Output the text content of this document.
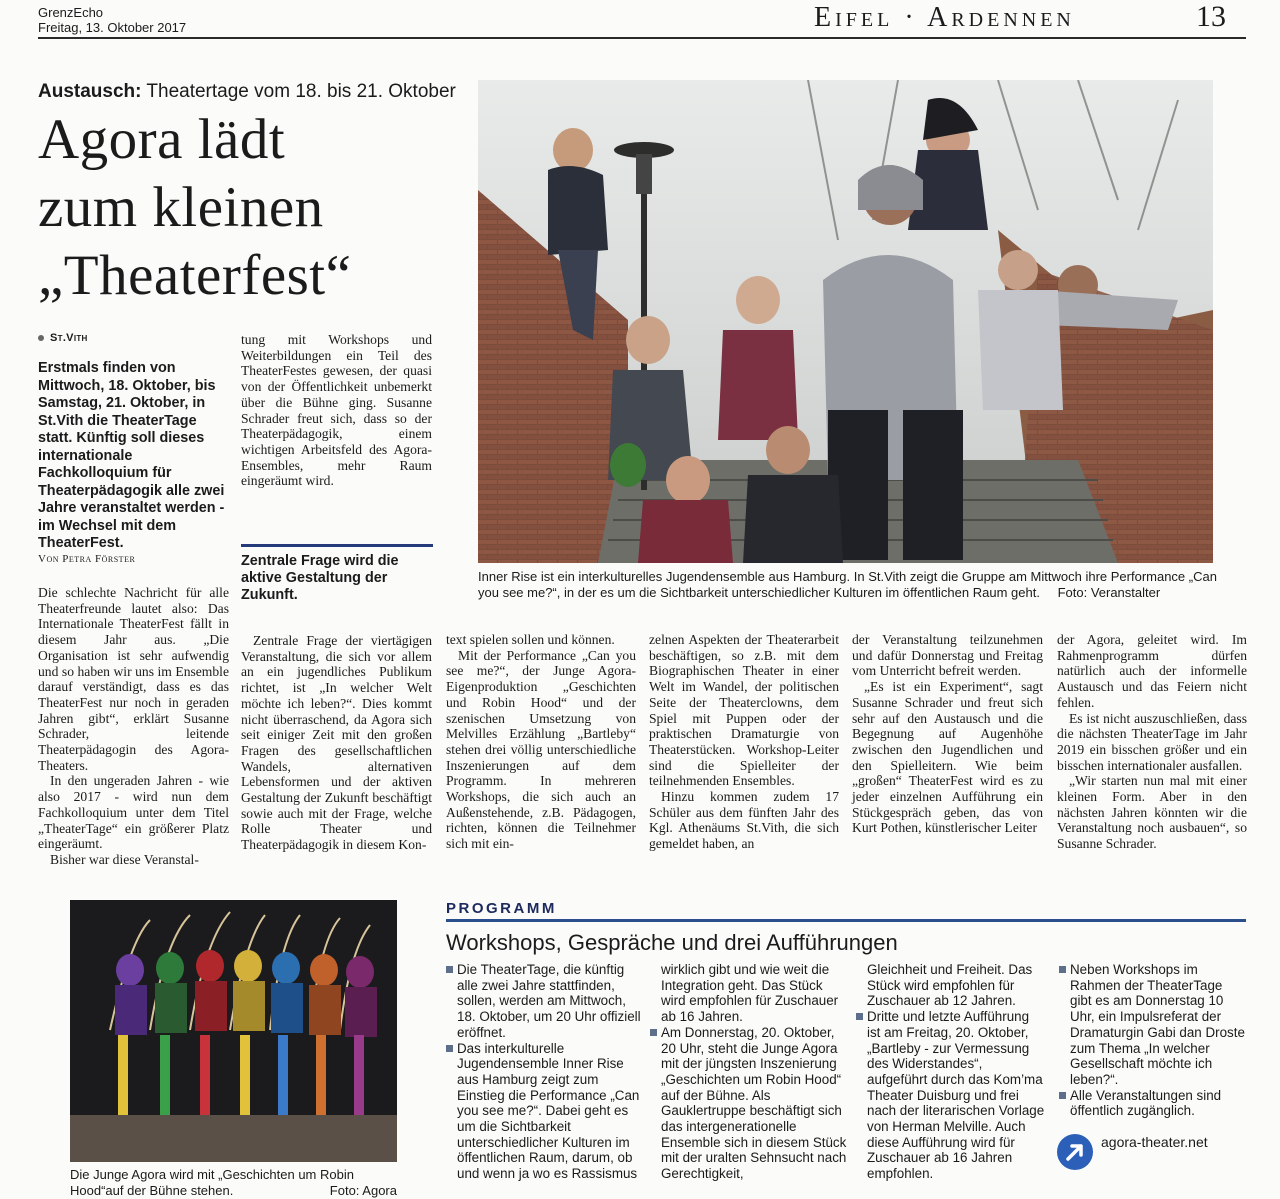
GrenzEcho
Freitag, 13. Oktober 2017	Eifel · Ardennen	13
Austausch: Theatertage vom 18. bis 21. Oktober
Agora lädt
zum kleinen
„Theaterfest“
Inner Rise ist ein interkulturelles Jugendensemble aus Hamburg. In St.Vith zeigt die Gruppe am Mittwoch ihre Performance „Can you see me?“, in der es um die Sichtbarkeit unterschiedlicher Kulturen im öffentlichen Raum geht. Foto: Veranstalter
St.Vith
Erstmals finden von Mittwoch, 18. Oktober, bis Samstag, 21. Oktober, in St.Vith die TheaterTage statt. Künftig soll dieses internationale Fachkolloquium für Theaterpädagogik alle zwei Jahre veranstaltet werden - im Wechsel mit dem TheaterFest.
Von Petra Förster

Die schlechte Nachricht für alle Theaterfreunde lautet also: Das Internationale TheaterFest fällt in diesem Jahr aus. „Die Organisation ist sehr aufwendig und so haben wir uns im Ensemble darauf verständigt, dass es das TheaterFest nur noch in geraden Jahren gibt“, erklärt Susanne Schrader, leitende Theaterpädagogin des Agora-Theaters.

In den ungeraden Jahren - wie also 2017 - wird nun dem Fachkolloquium unter dem Titel „TheaterTage“ ein größerer Platz eingeräumt.

Bisher war diese Veranstal-

tung mit Workshops und Weiterbildungen ein Teil des TheaterFestes gewesen, der quasi von der Öffentlichkeit unbemerkt über die Bühne ging. Susanne Schrader freut sich, dass so der Theaterpädagogik, einem wichtigen Arbeitsfeld des Agora-Ensembles, mehr Raum eingeräumt wird.

Zentrale Frage wird die aktive Gestaltung der Zukunft.

Zentrale Frage der viertägigen Veranstaltung, die sich vor allem an ein jugendliches Publikum richtet, ist „In welcher Welt möchte ich leben?“. Dies kommt nicht überraschend, da Agora sich seit einiger Zeit mit den großen Fragen des gesellschaftlichen Wandels, alternativen Lebensformen und der aktiven Gestaltung der Zukunft beschäftigt sowie auch mit der Frage, welche Rolle Theater und Theaterpädagogik in diesem Kon-

text spielen sollen und können.

Mit der Performance „Can you see me?“, der Junge Agora-Eigenproduktion „Geschichten und Robin Hood“ und der szenischen Umsetzung von Melvilles Erzählung „Bartleby“ stehen drei völlig unterschiedliche Inszenierungen auf dem Programm. In mehreren Workshops, die sich auch an Außenstehende, z.B. Pädagogen, richten, können die Teilnehmer sich mit ein-

zelnen Aspekten der Theaterarbeit beschäftigen, so z.B. mit dem Biographischen Theater in einer Welt im Wandel, der politischen Seite der Theaterclowns, dem Spiel mit Puppen oder der praktischen Dramaturgie von Theaterstücken. Workshop-Leiter sind die Spielleiter der teilnehmenden Ensembles.

Hinzu kommen zudem 17 Schüler aus dem fünften Jahr des Kgl. Athenäums St.Vith, die sich gemeldet haben, an

der Veranstaltung teilzunehmen und dafür Donnerstag und Freitag vom Unterricht befreit werden.

„Es ist ein Experiment“, sagt Susanne Schrader und freut sich sehr auf den Austausch und die Begegnung auf Augenhöhe zwischen den Jugendlichen und den Spielleitern. Wie beim „großen“ TheaterFest wird es zu jeder einzelnen Aufführung ein Stückgespräch geben, das von Kurt Pothen, künstlerischer Leiter

der Agora, geleitet wird. Im Rahmenprogramm dürfen natürlich auch der informelle Austausch und das Feiern nicht fehlen.

Es ist nicht auszuschließen, dass die nächsten TheaterTage im Jahr 2019 ein bisschen größer und ein bisschen internationaler ausfallen.

„Wir starten nun mal mit einer kleinen Form. Aber in den nächsten Jahren könnten wir die Veranstaltung noch ausbauen“, so Susanne Schrader.

Die Junge Agora wird mit „Geschichten um Robin Hood“auf der Bühne stehen.	Foto: Agora
PROGRAMM
Workshops, Gespräche und drei Aufführungen

Die TheaterTage, die künftig alle zwei Jahre stattfinden, sollen, werden am Mittwoch, 18. Oktober, um 20 Uhr offiziell eröffnet.

Das interkulturelle Jugendensemble Inner Rise aus Hamburg zeigt zum Einstieg die Performance „Can you see me?“. Dabei geht es um die Sichtbarkeit unterschiedlicher Kulturen im öffentlichen Raum, darum, ob und wenn ja wo es Rassismus

wirklich gibt und wie weit die Integration geht. Das Stück wird empfohlen für Zuschauer ab 16 Jahren.

Am Donnerstag, 20. Oktober, 20 Uhr, steht die Junge Agora mit der jüngsten Inszenierung „Geschichten um Robin Hood“ auf der Bühne. Als Gauklertruppe beschäftigt sich das intergenerationelle Ensemble sich in diesem Stück mit der uralten Sehnsucht nach Gerechtigkeit,

Gleichheit und Freiheit. Das Stück wird empfohlen für Zuschauer ab 12 Jahren.

Dritte und letzte Aufführung ist am Freitag, 20. Oktober, „Bartleby - zur Vermessung des Widerstandes“, aufgeführt durch das Kom’ma Theater Duisburg und frei nach der literarischen Vorlage von Herman Melville. Auch diese Aufführung wird für Zuschauer ab 16 Jahren empfohlen.

Neben Workshops im Rahmen der TheaterTage gibt es am Donnerstag 10 Uhr, ein Impulsreferat der Dramaturgin Gabi dan Droste zum Thema „In welcher Gesellschaft möchte ich leben?“.

Alle Veranstaltungen sind öffentlich zugänglich.

agora-theater.net
